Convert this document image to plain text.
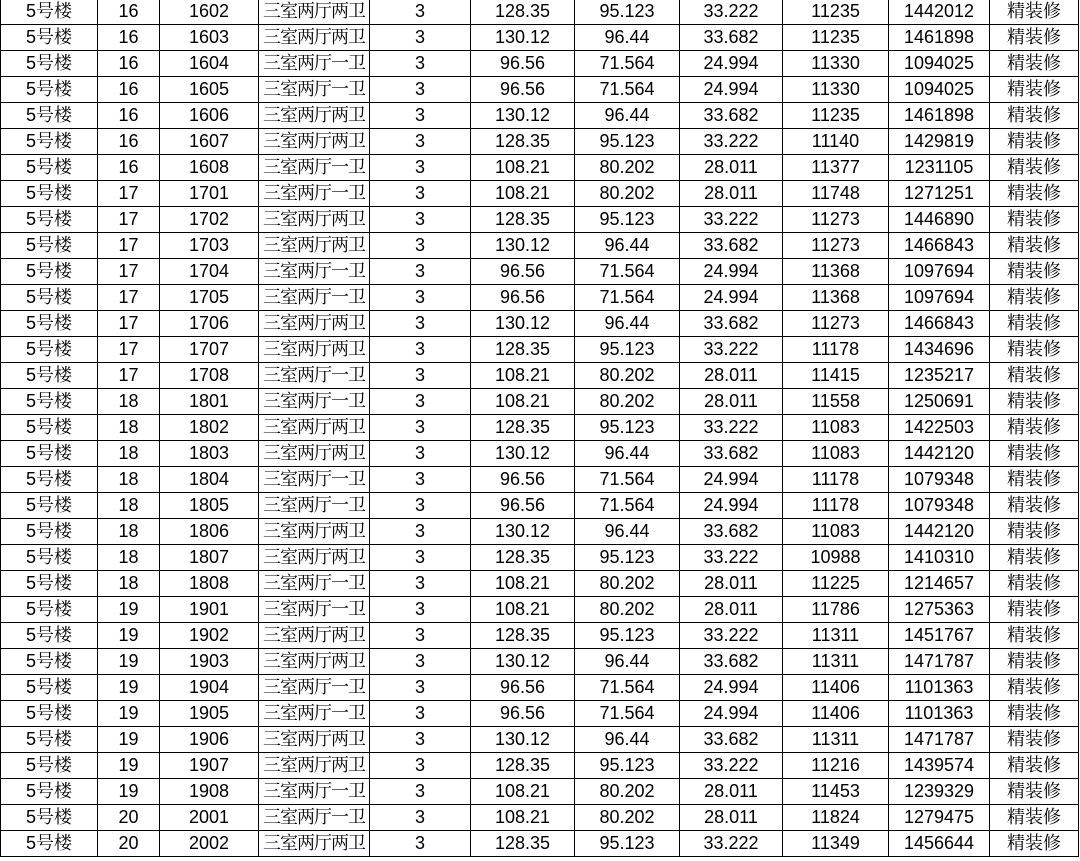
5号楼	16	1602	三室两厅两卫	3	128.35	95.123	33.222	11235	1442012	精装修
5号楼	16	1603	三室两厅两卫	3	130.12	96.44	33.682	11235	1461898	精装修
5号楼	16	1604	三室两厅一卫	3	96.56	71.564	24.994	11330	1094025	精装修
5号楼	16	1605	三室两厅一卫	3	96.56	71.564	24.994	11330	1094025	精装修
5号楼	16	1606	三室两厅两卫	3	130.12	96.44	33.682	11235	1461898	精装修
5号楼	16	1607	三室两厅两卫	3	128.35	95.123	33.222	11140	1429819	精装修
5号楼	16	1608	三室两厅一卫	3	108.21	80.202	28.011	11377	1231105	精装修
5号楼	17	1701	三室两厅一卫	3	108.21	80.202	28.011	11748	1271251	精装修
5号楼	17	1702	三室两厅两卫	3	128.35	95.123	33.222	11273	1446890	精装修
5号楼	17	1703	三室两厅两卫	3	130.12	96.44	33.682	11273	1466843	精装修
5号楼	17	1704	三室两厅一卫	3	96.56	71.564	24.994	11368	1097694	精装修
5号楼	17	1705	三室两厅一卫	3	96.56	71.564	24.994	11368	1097694	精装修
5号楼	17	1706	三室两厅两卫	3	130.12	96.44	33.682	11273	1466843	精装修
5号楼	17	1707	三室两厅两卫	3	128.35	95.123	33.222	11178	1434696	精装修
5号楼	17	1708	三室两厅一卫	3	108.21	80.202	28.011	11415	1235217	精装修
5号楼	18	1801	三室两厅一卫	3	108.21	80.202	28.011	11558	1250691	精装修
5号楼	18	1802	三室两厅两卫	3	128.35	95.123	33.222	11083	1422503	精装修
5号楼	18	1803	三室两厅两卫	3	130.12	96.44	33.682	11083	1442120	精装修
5号楼	18	1804	三室两厅一卫	3	96.56	71.564	24.994	11178	1079348	精装修
5号楼	18	1805	三室两厅一卫	3	96.56	71.564	24.994	11178	1079348	精装修
5号楼	18	1806	三室两厅两卫	3	130.12	96.44	33.682	11083	1442120	精装修
5号楼	18	1807	三室两厅两卫	3	128.35	95.123	33.222	10988	1410310	精装修
5号楼	18	1808	三室两厅一卫	3	108.21	80.202	28.011	11225	1214657	精装修
5号楼	19	1901	三室两厅一卫	3	108.21	80.202	28.011	11786	1275363	精装修
5号楼	19	1902	三室两厅两卫	3	128.35	95.123	33.222	11311	1451767	精装修
5号楼	19	1903	三室两厅两卫	3	130.12	96.44	33.682	11311	1471787	精装修
5号楼	19	1904	三室两厅一卫	3	96.56	71.564	24.994	11406	1101363	精装修
5号楼	19	1905	三室两厅一卫	3	96.56	71.564	24.994	11406	1101363	精装修
5号楼	19	1906	三室两厅两卫	3	130.12	96.44	33.682	11311	1471787	精装修
5号楼	19	1907	三室两厅两卫	3	128.35	95.123	33.222	11216	1439574	精装修
5号楼	19	1908	三室两厅一卫	3	108.21	80.202	28.011	11453	1239329	精装修
5号楼	20	2001	三室两厅一卫	3	108.21	80.202	28.011	11824	1279475	精装修
5号楼	20	2002	三室两厅两卫	3	128.35	95.123	33.222	11349	1456644	精装修
